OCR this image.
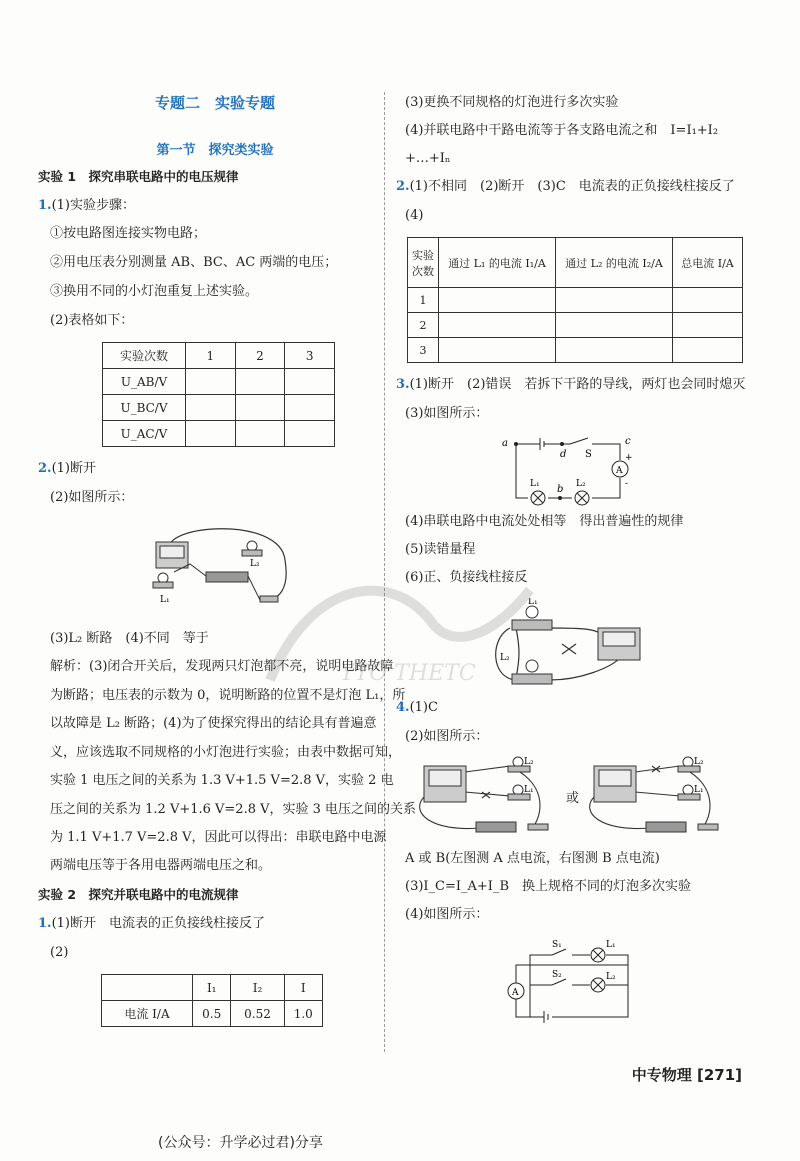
专题二　实验专题
第一节　探究类实验
实验 1　探究串联电路中的电压规律
1.(1)实验步骤：
①按电路图连接实物电路；
②用电压表分别测量 AB、BC、AC 两端的电压；
③换用不同的小灯泡重复上述实验。
(2)表格如下：
实验次数	1	2	3
U_AB/V			
U_BC/V			
U_AC/V			
2.(1)断开
(2)如图所示：
L₂
L₁
(3)L₂ 断路　(4)不同　等于
解析：(3)闭合开关后，发现两只灯泡都不亮，说明电路故障
为断路；电压表的示数为 0，说明断路的位置不是灯泡 L₁，所
以故障是 L₂ 断路；(4)为了使探究得出的结论具有普遍意
义，应该选取不同规格的小灯泡进行实验；由表中数据可知，
实验 1 电压之间的关系为 1.3 V+1.5 V=2.8 V，实验 2 电
压之间的关系为 1.2 V+1.6 V=2.8 V，实验 3 电压之间的关系
为 1.1 V+1.7 V=2.8 V，因此可以得出：串联电路中电源
两端电压等于各用电器两端电压之和。
实验 2　探究并联电路中的电流规律
1.(1)断开　电流表的正负接线柱接反了
(2)
	I₁	I₂	I
电流 I/A	0.5	0.52	1.0
(3)更换不同规格的灯泡进行多次实验
(4)并联电路中干路电流等于各支路电流之和　I=I₁+I₂
+…+Iₙ
2.(1)不相同　(2)断开　(3)C　电流表的正负接线柱接反了
(4)
实验次数	通过 L₁ 的电流 I₁/A	通过 L₂ 的电流 I₂/A	总电流 I/A
1			
2			
3			
3.(1)断开　(2)错误　若拆下干路的导线，两灯也会同时熄灭
(3)如图所示：
a
d S
c
A
+
-
L₁	L₂
b
(4)串联电路中电流处处相等　得出普遍性的规律
(5)读错量程
(6)正、负接线柱接反
L₁
L₂
4.(1)C
(2)如图所示：
L₂
L₁
或
L₂
L₁
A 或 B(左图测 A 点电流，右图测 B 点电流)
(3)I_C=I_A+I_B　换上规格不同的灯泡多次实验
(4)如图所示：
A
S₁
S₂
L₁
L₂
YTO THETC
中专物理 [271]
(公众号：升学必过君)分享
